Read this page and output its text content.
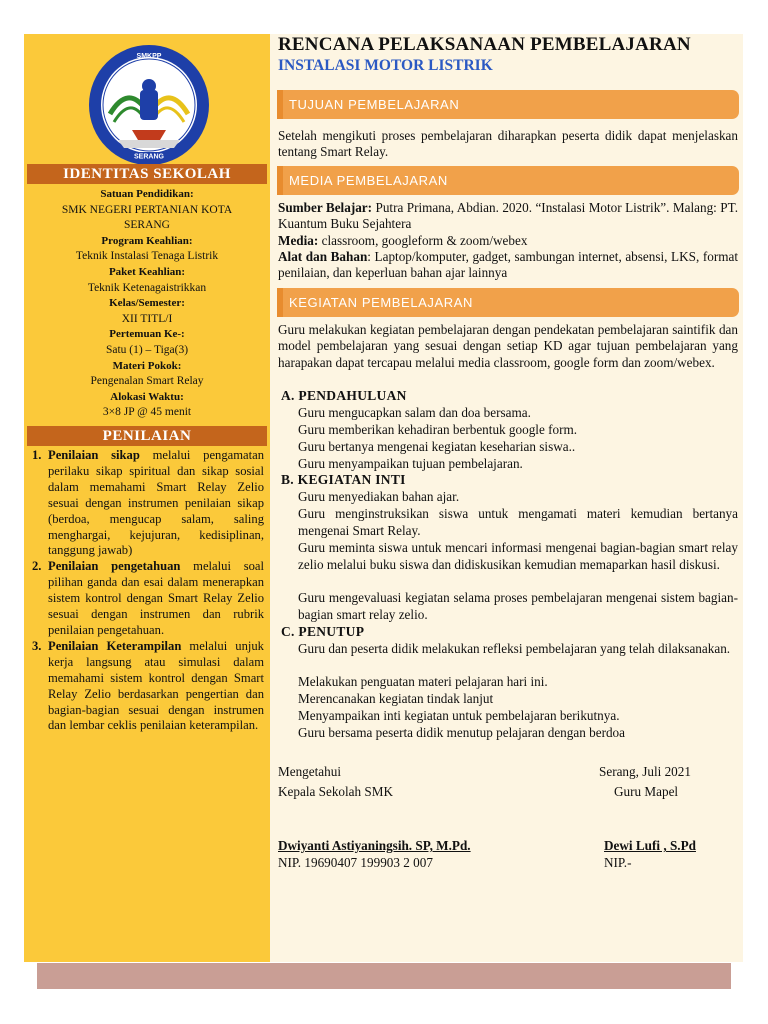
SMKPP
SERANG
IDENTITAS SEKOLAH
Satuan Pendidikan:
SMK NEGERI PERTANIAN KOTA
SERANG
Program Keahlian:
Teknik Instalasi Tenaga Listrik
Paket Keahlian:
Teknik Ketenagaistrikkan
Kelas/Semester:
XII TITL/I
Pertemuan Ke-:
Satu (1) – Tiga(3)
Materi Pokok:
Pengenalan Smart Relay
Alokasi Waktu:
3×8 JP @ 45 menit
PENILAIAN
1. Penilaian sikap melalui pengamatan perilaku sikap spiritual dan sikap sosial dalam memahami Smart Relay Zelio sesuai dengan instrumen penilaian sikap (berdoa, mengucap salam, saling menghargai, kejujuran, kedisiplinan, tanggung jawab)
2. Penilaian pengetahuan melalui soal pilihan ganda dan esai dalam menerapkan sistem kontrol dengan Smart Relay Zelio sesuai dengan instrumen dan rubrik penilaian pengetahuan.
3. Penilaian Keterampilan melalui unjuk kerja langsung atau simulasi dalam memahami sistem kontrol dengan Smart Relay Zelio berdasarkan pengertian dan bagian-bagian sesuai dengan instrumen dan lembar ceklis penilaian keterampilan.
RENCANA PELAKSANAAN PEMBELAJARAN
INSTALASI MOTOR LISTRIK
TUJUAN PEMBELAJARAN
Setelah mengikuti proses pembelajaran diharapkan peserta didik dapat menjelaskan tentang Smart Relay.
MEDIA PEMBELAJARAN
Sumber Belajar: Putra Primana, Abdian. 2020. “Instalasi Motor Listrik”. Malang: PT. Kuantum Buku Sejahtera
Media: classroom, googleform & zoom/webex
Alat dan Bahan: Laptop/komputer, gadget, sambungan internet, absensi, LKS, format penilaian, dan keperluan bahan ajar lainnya
KEGIATAN PEMBELAJARAN
Guru melakukan kegiatan pembelajaran dengan pendekatan pembelajaran saintifik dan model pembelajaran yang sesuai dengan setiap KD agar tujuan pembelajaran yang harapakan dapat tercapau melalui media classroom, google form dan zoom/webex.
A. PENDAHULUAN
Guru mengucapkan salam dan doa bersama.
Guru memberikan kehadiran berbentuk google form.
Guru bertanya mengenai kegiatan keseharian siswa..
Guru menyampaikan tujuan pembelajaran.
B. KEGIATAN INTI
Guru menyediakan bahan ajar.
Guru menginstruksikan siswa untuk mengamati materi kemudian bertanya mengenai Smart Relay.
Guru meminta siswa untuk mencari informasi mengenai bagian-bagian smart relay zelio melalui buku siswa dan didiskusikan kemudian memaparkan hasil diskusi.
Guru mengevaluasi kegiatan selama proses pembelajaran mengenai sistem bagian-bagian smart relay zelio.
C. PENUTUP
Guru dan peserta didik melakukan refleksi pembelajaran yang telah dilaksanakan.
Melakukan penguatan materi pelajaran hari ini.
Merencanakan kegiatan tindak lanjut
Menyampaikan inti kegiatan untuk pembelajaran berikutnya.
Guru bersama peserta didik menutup pelajaran dengan berdoa
Mengetahui
Kepala Sekolah SMK
Serang, Juli 2021
Guru Mapel
Dwiyanti Astiyaningsih. SP, M.Pd.
NIP. 19690407 199903 2 007
Dewi Lufi , S.Pd
NIP.-
